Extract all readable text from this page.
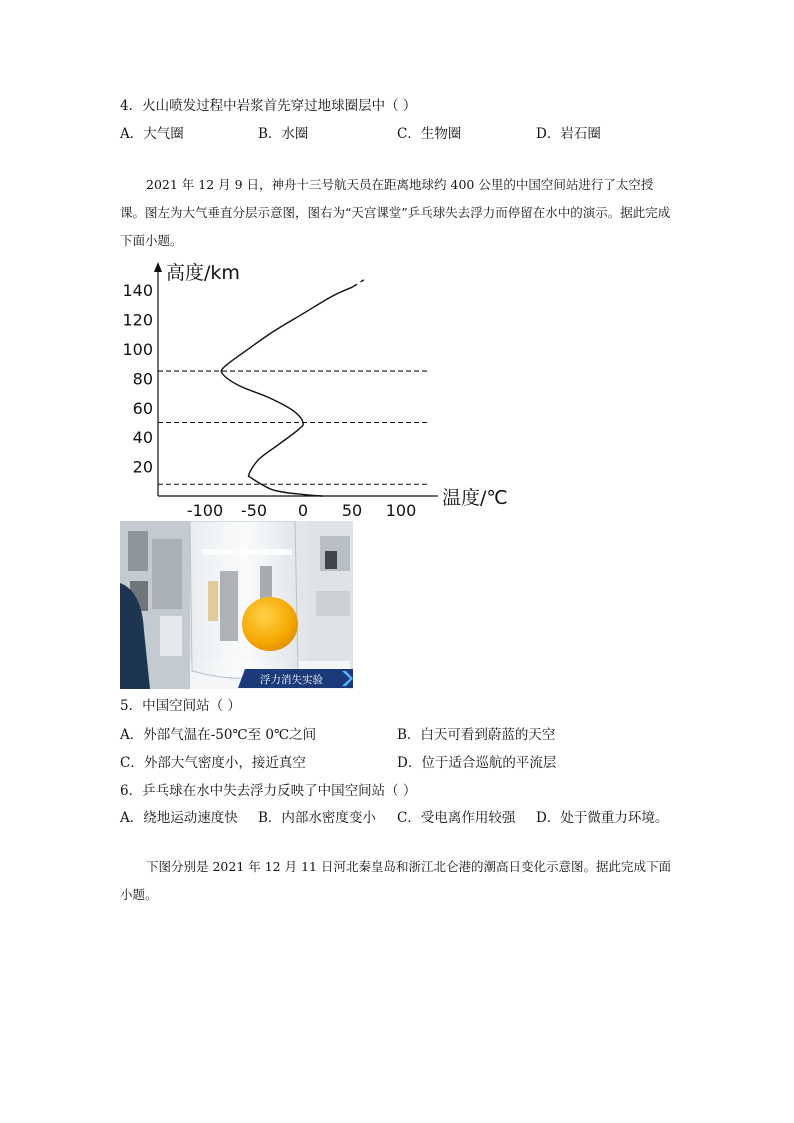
4．火山喷发过程中岩浆首先穿过地球圈层中（ ）
A．大气圈	B．水圈	C．生物圈	D．岩石圈
2021 年 12 月 9 日，神舟十三号航天员在距离地球约 400 公里的中国空间站进行了太空授课。图左为大气垂直分层示意图，图右为“天宫课堂”乒乓球失去浮力而停留在水中的演示。据此完成下面小题。
20
40
60
80
100
120
140
-100 -50 0 50 100
高度/km
温度/℃
浮力消失实验
5．中国空间站（ ）
A．外部气温在-50℃至 0℃之间	B．白天可看到蔚蓝的天空
C．外部大气密度小，接近真空	D．位于适合巡航的平流层
6．乒乓球在水中失去浮力反映了中国空间站（ ）
A．绕地运动速度快 B．内部水密度变小 C．受电离作用较强 D．处于微重力环境。
下图分别是 2021 年 12 月 11 日河北秦皇岛和浙江北仑港的潮高日变化示意图。据此完成下面小题。
